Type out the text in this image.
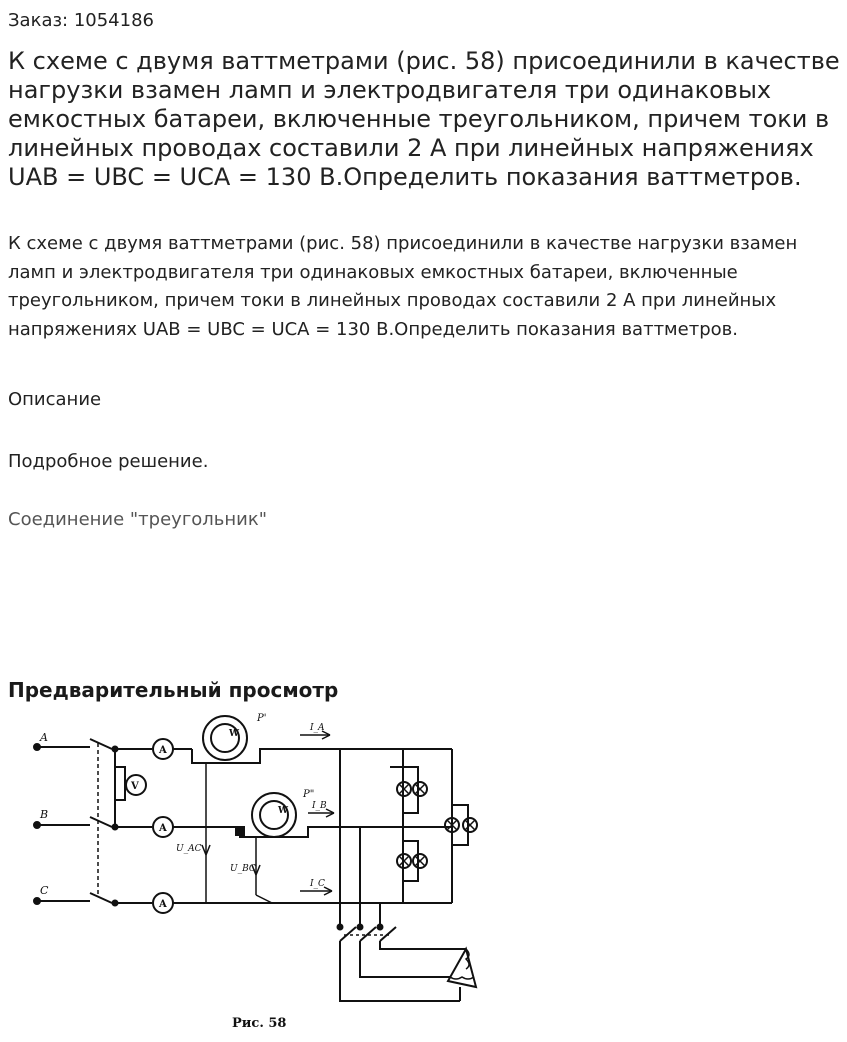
Заказ: 1054186
К схеме с двумя ваттметрами (рис. 58) присоединили в качестве нагрузки взамен ламп и электродвигателя три одинаковых емкостных батареи, включенные треугольником, причем токи в линейных проводах составили 2 А при линейных напряжениях UAB = UBC = UCA = 130 В.Определить показания ваттметров.

К схеме с двумя ваттметрами (рис. 58) присоединили в качестве нагрузки взамен ламп и электродвигателя три одинаковых емкостных батареи, включенные треугольником, причем токи в линейных проводах составили 2 А при линейных напряжениях UAB = UBC = UCA = 130 В.Определить показания ваттметров.

Описание
Подробное решение.
Соединение "треугольник"
Предварительный просмотр
A
B
C
V
A
W
P'
U_AC
I_A
A
W
P"
U_BC
I_B
A
I_C
Рис. 58
